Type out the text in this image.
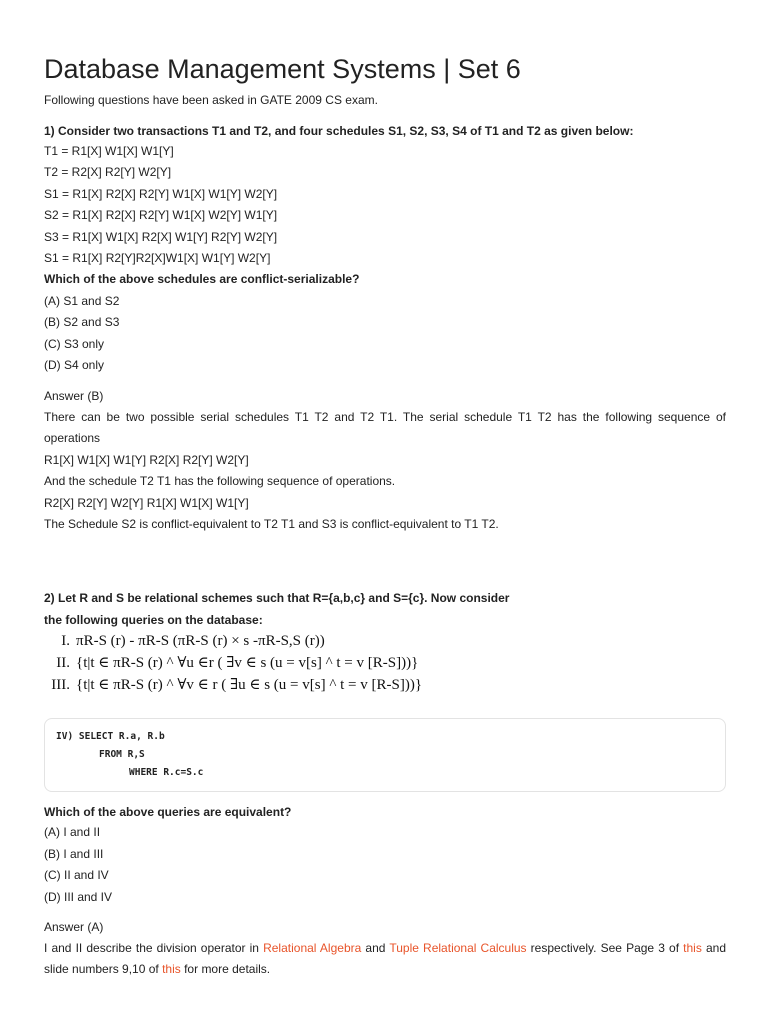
Database Management Systems | Set 6
Following questions have been asked in GATE 2009 CS exam.
1) Consider two transactions T1 and T2, and four schedules S1, S2, S3, S4 of T1 and T2 as given below:
T1 = R1[X] W1[X] W1[Y]
T2 = R2[X] R2[Y] W2[Y]
S1 = R1[X] R2[X] R2[Y] W1[X] W1[Y] W2[Y]
S2 = R1[X] R2[X] R2[Y] W1[X] W2[Y] W1[Y]
S3 = R1[X] W1[X] R2[X] W1[Y] R2[Y] W2[Y]
S1 = R1[X] R2[Y]R2[X]W1[X] W1[Y] W2[Y]
Which of the above schedules are conflict-serializable?
(A) S1 and S2
(B) S2 and S3
(C) S3 only
(D) S4 only
Answer (B)
There can be two possible serial schedules T1 T2 and T2 T1. The serial schedule T1 T2 has the following sequence of operations
R1[X] W1[X] W1[Y] R2[X] R2[Y] W2[Y]
And the schedule T2 T1 has the following sequence of operations.
R2[X] R2[Y] W2[Y] R1[X] W1[X] W1[Y]
The Schedule S2 is conflict-equivalent to T2 T1 and S3 is conflict-equivalent to T1 T2.
2) Let R and S be relational schemes such that R={a,b,c} and S={c}. Now consider
the following queries on the database:
I. πR-S (r) - πR-S (πR-S (r) × s -πR-S,S (r))
II. {t|t ∈ πR-S (r) ^ ∀u ∈r ( ∃v ∈ s (u = v[s] ^ t = v [R-S]))}
III. {t|t ∈ πR-S (r) ^ ∀v ∈ r ( ∃u ∈ s (u = v[s] ^ t = v [R-S]))}
IV) SELECT R.a, R.b
FROM R,S
WHERE R.c=S.c
Which of the above queries are equivalent?
(A) I and II
(B) I and III
(C) II and IV
(D) III and IV
Answer (A)
I and II describe the division operator in Relational Algebra and Tuple Relational Calculus respectively. See Page 3 of this and slide numbers 9,10 of this for more details.
